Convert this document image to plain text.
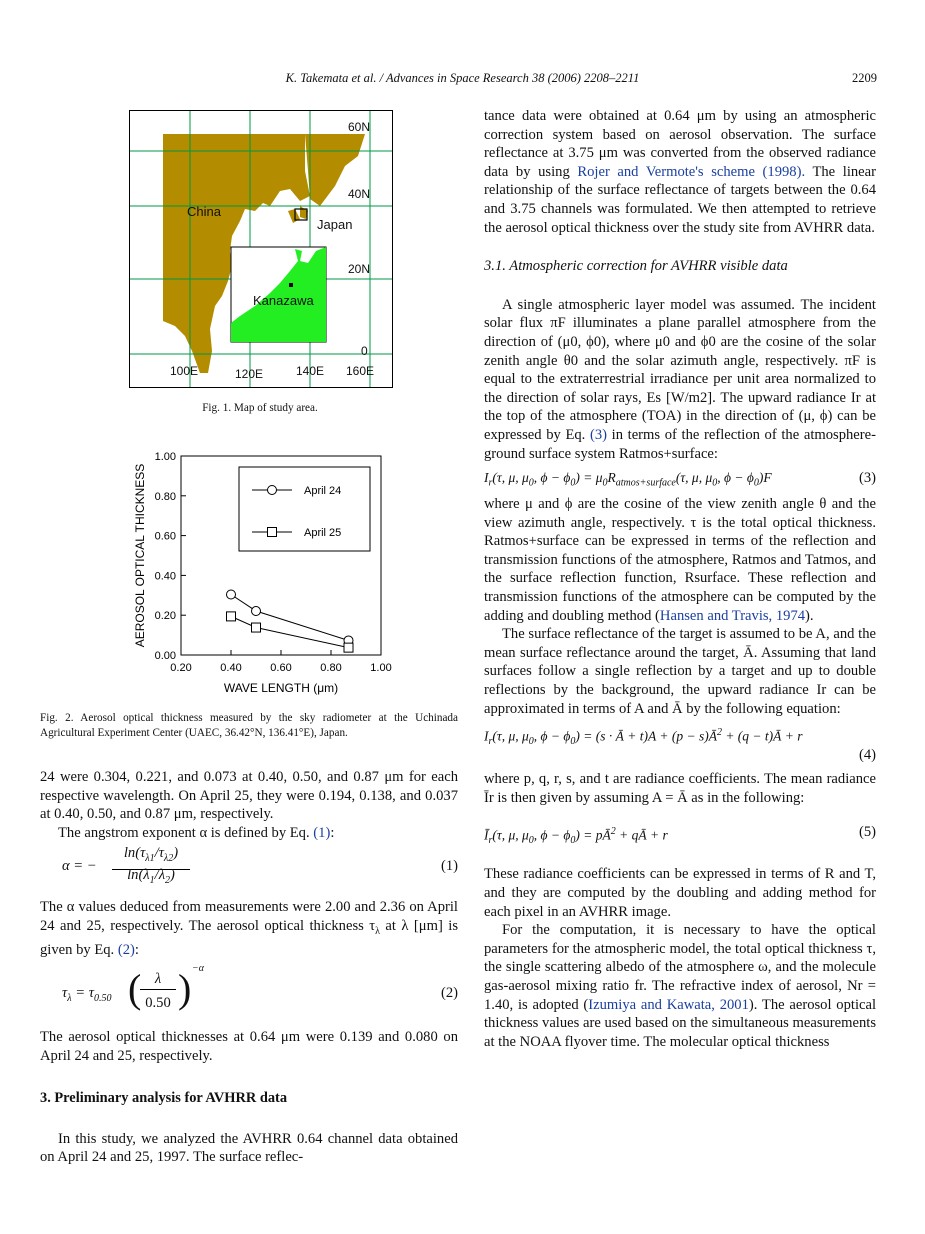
K. Takemata et al. / Advances in Space Research 38 (2006) 2208–2211	2209
60N
40N
20N
0
100E	120E	140E 160E
China
Japan
Kanazawa
Fig. 1. Map of study area.
0.00
0.20
0.40
0.60
0.80
1.00
0.20	0.40	0.60	0.80	1.00
WAVE LENGTH (μm)
AEROSOL OPTICAL THICKNESS	April 24
April 25
Fig. 2. Aerosol optical thickness measured by the sky radiometer at the Uchinada Agricultural Experiment Center (UAEC, 36.42°N, 136.41°E), Japan.

24 were 0.304, 0.221, and 0.073 at 0.40, 0.50, and 0.87 μm for each respective wavelength. On April 25, they were 0.194, 0.138, and 0.037 at 0.40, 0.50, and 0.87 μm, respectively.

The angstrom exponent α is defined by Eq. (1):

α = −
$\ln(\tau_{\lambda 1}/\tau_{\lambda 2})$
$\ln(\lambda_1/\lambda_2)$
(1)

The α values deduced from measurements were 2.00 and 2.36 on April 24 and 25, respectively. The aerosol optical thickness $\tau_\lambda$ at λ [μm] is given by Eq. (2):

$\tau_\lambda = \tau_{0.50}$ ( λ
0.50 ) −α
(2)

The aerosol optical thicknesses at 0.64 μm were 0.139 and 0.080 on April 24 and 25, respectively.

3. Preliminary analysis for AVHRR data

In this study, we analyzed the AVHRR 0.64 channel data obtained on April 24 and 25, 1997. The surface reflec-

tance data were obtained at 0.64 μm by using an atmospheric correction system based on aerosol observation. The surface reflectance at 3.75 μm was converted from the observed radiance data by using Rojer and Vermote's scheme (1998). The linear relationship of the surface reflectance of targets between the 0.64 and 3.75 channels was formulated. We then attempted to retrieve the aerosol optical thickness over the study site from AVHRR data.

3.1. Atmospheric correction for AVHRR visible data

A single atmospheric layer model was assumed. The incident solar flux πF illuminates a plane parallel atmosphere from the direction of (μ0, ϕ0), where μ0 and ϕ0 are the cosine of the solar zenith angle θ0 and the solar azimuth angle, respectively. πF is equal to the extraterrestrial irradiance per unit area normalized to the direction of solar rays, Es [W/m2]. The upward radiance Ir at the top of the atmosphere (TOA) in the direction of (μ, ϕ) can be expressed by Eq. (3) in terms of the reflection of the atmosphere-ground surface system Ratmos+surface:

$I_r(\tau$, μ, $\mu_0$, $\phi - \phi_0) = \mu_0R_{atmos+surface}(\tau$, μ, $\mu_0$, $\phi - \phi_0)F$	(3)

where μ and ϕ are the cosine of the view zenith angle θ and the view azimuth angle, respectively. τ is the total optical thickness. Ratmos+surface can be expressed in terms of the reflection and transmission functions of the atmosphere, Ratmos and Tatmos, and the surface reflection function, Rsurface. These reflection and transmission functions of the atmosphere can be computed by the adding and doubling method (Hansen and Travis, 1974).

The surface reflectance of the target is assumed to be A, and the mean surface reflectance around the target, Ā. Assuming that land surfaces follow a single reflection by a target and up to double reflections by the background, the upward radiance Ir can be approximated in terms of A and Ā by the following equation:

$I_r(\tau$, μ, $\mu_0$, $\phi - \phi_0) = (s$ · Ā + $t)A + (p - s)Ā^2 + (q$ − t)Ā + r
(4)

where p, q, r, s, and t are radiance coefficients. The mean radiance Īr is then given by assuming A = Ā as in the following:

$Ī_r(\tau$, μ, $\mu_0$, $\phi - \phi_0$) = $pĀ^2$ + qĀ + r	(5)

These radiance coefficients can be expressed in terms of R and T, and they are computed by the doubling and adding method for each pixel in an AVHRR image.

For the computation, it is necessary to have the optical parameters for the atmospheric model, the total optical thickness τ, the single scattering albedo of the atmosphere ω, and the molecule gas-aerosol mixing ratio fr. The refractive index of aerosol, Nr = 1.40, is adopted (Izumiya and Kawata, 2001). The aerosol optical thickness values are used based on the simultaneous measurements at the NOAA flyover time. The molecular optical thickness
